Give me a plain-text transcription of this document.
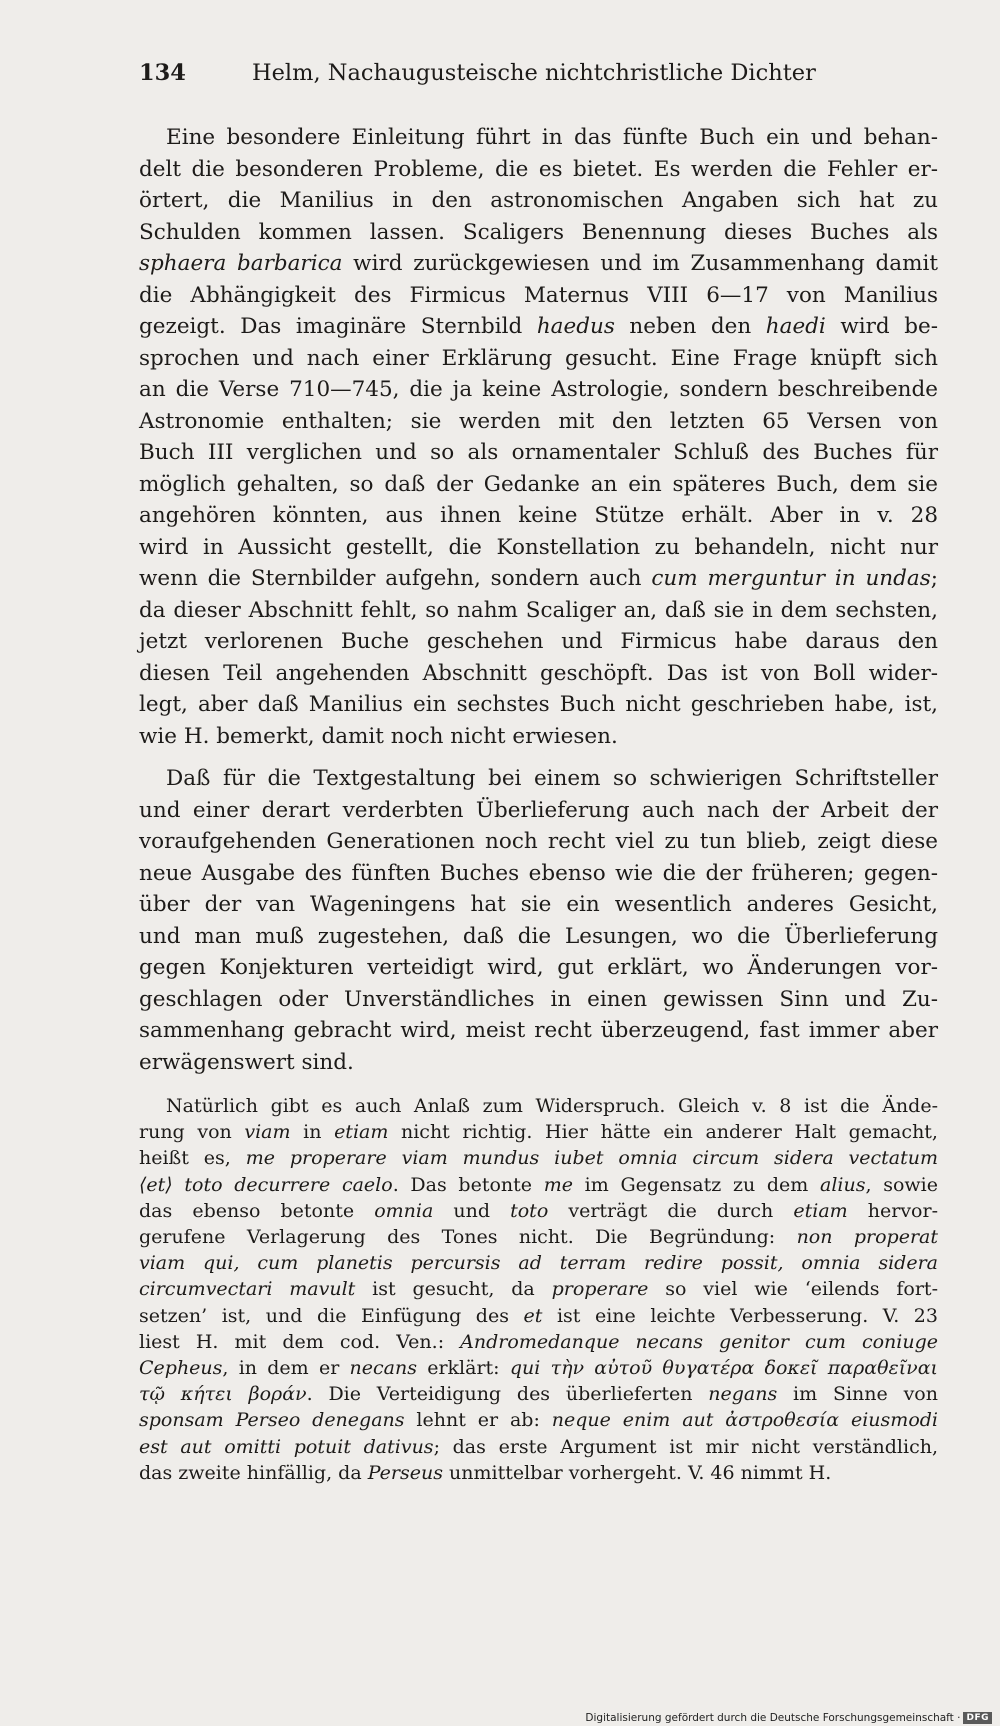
134	Helm, Nachaugusteische nichtchristliche Dichter

Eine besondere Einleitung führt in das fünfte Buch ein und behan-
delt die besonderen Probleme, die es bietet. Es werden die Fehler er-
örtert, die Manilius in den astronomischen Angaben sich hat zu
Schulden kommen lassen. Scaligers Benennung dieses Buches als
sphaera barbarica wird zurückgewiesen und im Zusammenhang damit
die Abhängigkeit des Firmicus Maternus VIII 6—17 von Manilius
gezeigt. Das imaginäre Sternbild haedus neben den haedi wird be-
sprochen und nach einer Erklärung gesucht. Eine Frage knüpft sich
an die Verse 710—745, die ja keine Astrologie, sondern beschreibende
Astronomie enthalten; sie werden mit den letzten 65 Versen von
Buch III verglichen und so als ornamentaler Schluß des Buches für
möglich gehalten, so daß der Gedanke an ein späteres Buch, dem sie
angehören könnten, aus ihnen keine Stütze erhält. Aber in v. 28
wird in Aussicht gestellt, die Konstellation zu behandeln, nicht nur
wenn die Sternbilder aufgehn, sondern auch cum merguntur in undas;
da dieser Abschnitt fehlt, so nahm Scaliger an, daß sie in dem sechsten,
jetzt verlorenen Buche geschehen und Firmicus habe daraus den
diesen Teil angehenden Abschnitt geschöpft. Das ist von Boll wider-
legt, aber daß Manilius ein sechstes Buch nicht geschrieben habe, ist,
wie H. bemerkt, damit noch nicht erwiesen.

Daß für die Textgestaltung bei einem so schwierigen Schriftsteller
und einer derart verderbten Überlieferung auch nach der Arbeit der
voraufgehenden Generationen noch recht viel zu tun blieb, zeigt diese
neue Ausgabe des fünften Buches ebenso wie die der früheren; gegen-
über der van Wageningens hat sie ein wesentlich anderes Gesicht,
und man muß zugestehen, daß die Lesungen, wo die Überlieferung
gegen Konjekturen verteidigt wird, gut erklärt, wo Änderungen vor-
geschlagen oder Unverständliches in einen gewissen Sinn und Zu-
sammenhang gebracht wird, meist recht überzeugend, fast immer aber
erwägenswert sind.

Natürlich gibt es auch Anlaß zum Widerspruch. Gleich v. 8 ist die Ände-
rung von viam in etiam nicht richtig. Hier hätte ein anderer Halt gemacht,
heißt es, me properare viam mundus iubet omnia circum sidera vectatum
⟨et⟩ toto decurrere caelo. Das betonte me im Gegensatz zu dem alius, sowie
das ebenso betonte omnia und toto verträgt die durch etiam hervor-
gerufene Verlagerung des Tones nicht. Die Begründung: non properat
viam qui, cum planetis percursis ad terram redire possit, omnia sidera
circumvectari mavult ist gesucht, da properare so viel wie ‘eilends fort-
setzen’ ist, und die Einfügung des et ist eine leichte Verbesserung. V. 23
liest H. mit dem cod. Ven.: Andromedanque necans genitor cum coniuge
Cepheus, in dem er necans erklärt: qui τὴν αὐτοῦ θυγατέρα δοκεῖ παραθεῖναι
τῷ κήτει βοράν. Die Verteidigung des überlieferten negans im Sinne von
sponsam Perseo denegans lehnt er ab: neque enim aut ἀστροθεσία eiusmodi
est aut omitti potuit dativus; das erste Argument ist mir nicht verständlich,
das zweite hinfällig, da Perseus unmittelbar vorhergeht. V. 46 nimmt H.

Digitalisierung gefördert durch die Deutsche Forschungsgemeinschaft · DFG
